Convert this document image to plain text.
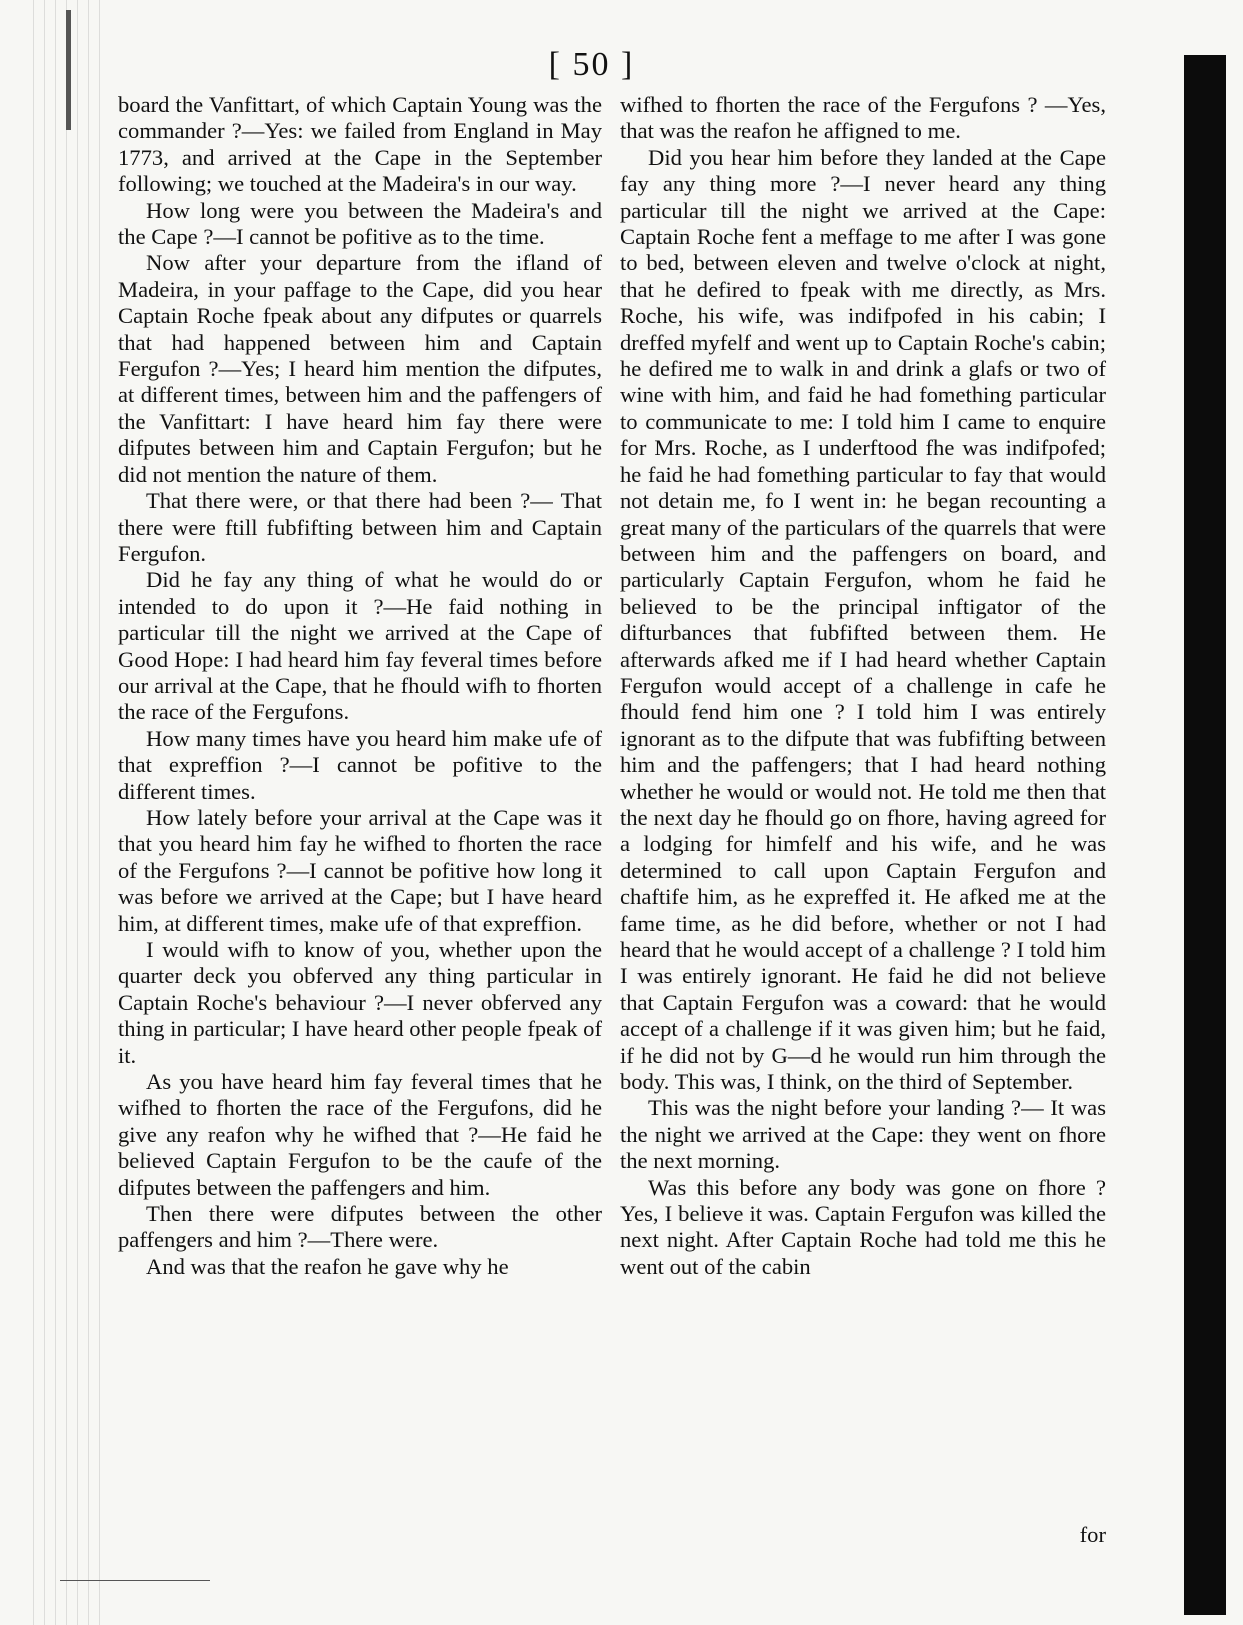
[ 50 ]

board the Vanfittart, of which Captain Young was the commander ?—Yes: we failed from England in May 1773, and arrived at the Cape in the September following; we touched at the Madeira's in our way.

How long were you between the Madeira's and the Cape ?—I cannot be pofitive as to the time.

Now after your departure from the ifland of Madeira, in your paffage to the Cape, did you hear Captain Roche fpeak about any difputes or quarrels that had happened between him and Captain Fergufon ?—Yes; I heard him mention the difputes, at different times, between him and the paffengers of the Vanfittart: I have heard him fay there were difputes between him and Captain Fergufon; but he did not mention the nature of them.

That there were, or that there had been ?— That there were ftill fubfifting between him and Captain Fergufon.

Did he fay any thing of what he would do or intended to do upon it ?—He faid nothing in particular till the night we arrived at the Cape of Good Hope: I had heard him fay feveral times before our arrival at the Cape, that he fhould wifh to fhorten the race of the Fergufons.

How many times have you heard him make ufe of that expreffion ?—I cannot be pofitive to the different times.

How lately before your arrival at the Cape was it that you heard him fay he wifhed to fhorten the race of the Fergufons ?—I cannot be pofitive how long it was before we arrived at the Cape; but I have heard him, at different times, make ufe of that expreffion.

I would wifh to know of you, whether upon the quarter deck you obferved any thing particular in Captain Roche's behaviour ?—I never obferved any thing in particular; I have heard other people fpeak of it.

As you have heard him fay feveral times that he wifhed to fhorten the race of the Fergufons, did he give any reafon why he wifhed that ?—He faid he believed Captain Fergufon to be the caufe of the difputes between the paffengers and him.

Then there were difputes between the other paffengers and him ?—There were.

And was that the reafon he gave why he

wifhed to fhorten the race of the Fergufons ? —Yes, that was the reafon he affigned to me.

Did you hear him before they landed at the Cape fay any thing more ?—I never heard any thing particular till the night we arrived at the Cape: Captain Roche fent a meffage to me after I was gone to bed, between eleven and twelve o'clock at night, that he defired to fpeak with me directly, as Mrs. Roche, his wife, was indifpofed in his cabin; I dreffed myfelf and went up to Captain Roche's cabin; he defired me to walk in and drink a glafs or two of wine with him, and faid he had fomething particular to communicate to me: I told him I came to enquire for Mrs. Roche, as I underftood fhe was indifpofed; he faid he had fomething particular to fay that would not detain me, fo I went in: he began recounting a great many of the particulars of the quarrels that were between him and the paffengers on board, and particularly Captain Fergufon, whom he faid he believed to be the principal inftigator of the difturbances that fubfifted between them. He afterwards afked me if I had heard whether Captain Fergufon would accept of a challenge in cafe he fhould fend him one ? I told him I was entirely ignorant as to the difpute that was fubfifting between him and the paffengers; that I had heard nothing whether he would or would not. He told me then that the next day he fhould go on fhore, having agreed for a lodging for himfelf and his wife, and he was determined to call upon Captain Fergufon and chaftife him, as he expreffed it. He afked me at the fame time, as he did before, whether or not I had heard that he would accept of a challenge ? I told him I was entirely ignorant. He faid he did not believe that Captain Fergufon was a coward: that he would accept of a challenge if it was given him; but he faid, if he did not by G—d he would run him through the body. This was, I think, on the third of September.

This was the night before your landing ?— It was the night we arrived at the Cape: they went on fhore the next morning.

Was this before any body was gone on fhore ? Yes, I believe it was. Captain Fergufon was killed the next night. After Captain Roche had told me this he went out of the cabin

for
